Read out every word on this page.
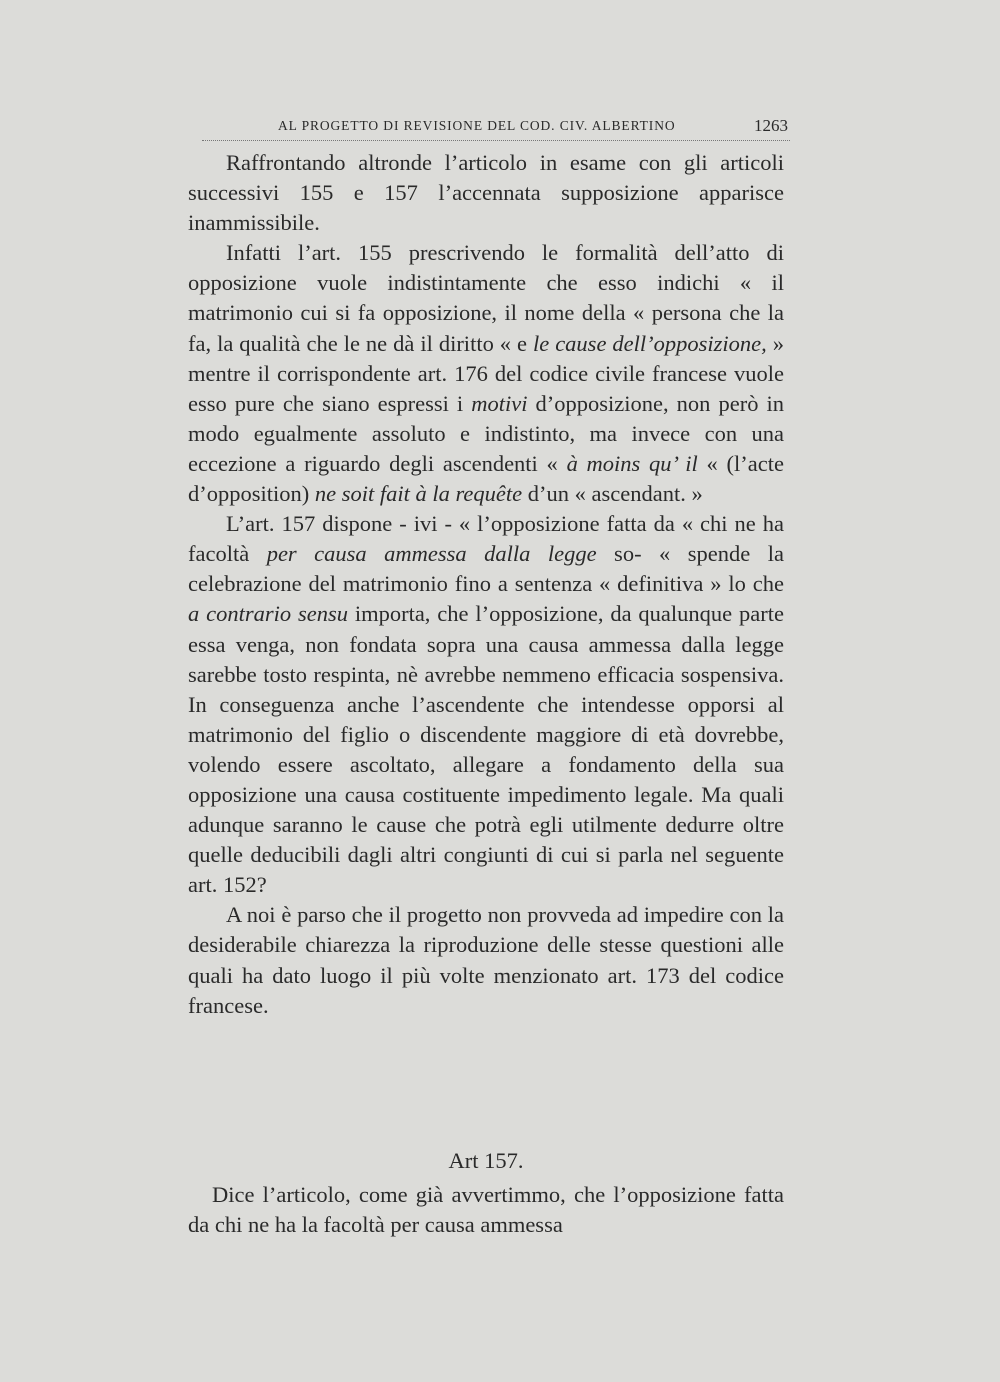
AL PROGETTO DI REVISIONE DEL COD. CIV. ALBERTINO	1263

Raffrontando altronde l’articolo in esame con gli articoli successivi 155 e 157 l’accennata supposizione apparisce inammissibile.

Infatti l’art. 155 prescrivendo le formalità dell’atto di opposizione vuole indistintamente che esso indichi « il matrimonio cui si fa opposizione, il nome della « persona che la fa, la qualità che le ne dà il diritto « e le cause dell’opposizione, » mentre il corrispondente art. 176 del codice civile francese vuole esso pure che siano espressi i motivi d’opposizione, non però in modo egualmente assoluto e indistinto, ma invece con una eccezione a riguardo degli ascendenti « à moins qu’ il « (l’acte d’opposition) ne soit fait à la requête d’un « ascendant. »

L’art. 157 dispone - ivi - « l’opposizione fatta da « chi ne ha facoltà per causa ammessa dalla legge so- « spende la celebrazione del matrimonio fino a sentenza « definitiva » lo che a contrario sensu importa, che l’opposizione, da qualunque parte essa venga, non fondata sopra una causa ammessa dalla legge sarebbe tosto respinta, nè avrebbe nemmeno efficacia sospensiva. In conseguenza anche l’ascendente che intendesse opporsi al matrimonio del figlio o discendente maggiore di età dovrebbe, volendo essere ascoltato, allegare a fondamento della sua opposizione una causa costituente impedimento legale. Ma quali adunque saranno le cause che potrà egli utilmente dedurre oltre quelle deducibili dagli altri congiunti di cui si parla nel seguente art. 152?

A noi è parso che il progetto non provveda ad impedire con la desiderabile chiarezza la riproduzione delle stesse questioni alle quali ha dato luogo il più volte menzionato art. 173 del codice francese.

Art 157.

Dice l’articolo, come già avvertimmo, che l’opposizione fatta da chi ne ha la facoltà per causa ammessa
